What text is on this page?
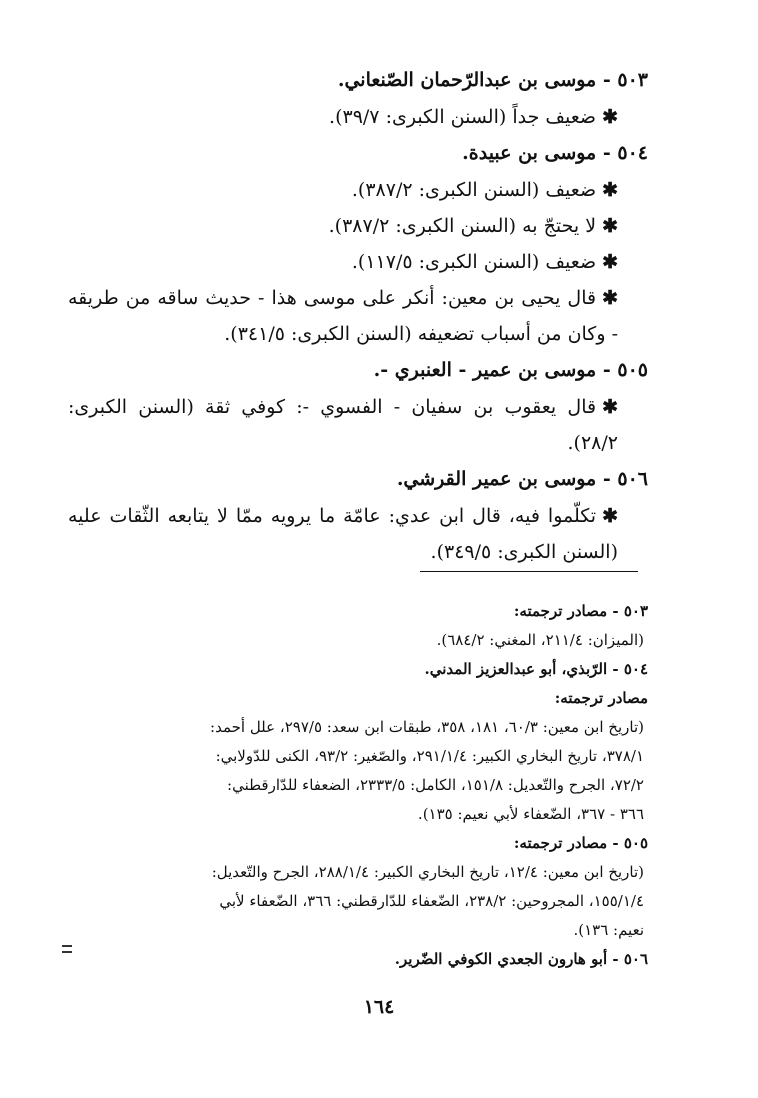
٥٠٣ - موسى بن عبدالرّحمان الصّنعاني.
✱ضعيف جداً (السنن الكبرى: ٣٩/٧).
٥٠٤ - موسى بن عبيدة.
✱ضعيف (السنن الكبرى: ٣٨٧/٢).
✱لا يحتجّ به (السنن الكبرى: ٣٨٧/٢).
✱ضعيف (السنن الكبرى: ١١٧/٥).
✱قال يحيى بن معين: أنكر على موسى هذا - حديث ساقه من طريقه - وكان من أسباب تضعيفه (السنن الكبرى: ٣٤١/٥).
٥٠٥ - موسى بن عمير - العنبري -.
✱قال يعقوب بن سفيان - الفسوي -: كوفي ثقة (السنن الكبرى: ٢٨/٢).
٥٠٦ - موسى بن عمير القرشي.
✱تكلّموا فيه، قال ابن عدي: عامّة ما يرويه ممّا لا يتابعه الثّقات عليه (السنن الكبرى: ٣٤٩/٥).
٥٠٣ - مصادر ترجمته:
(الميزان: ٢١١/٤، المغني: ٦٨٤/٢).
٥٠٤ - الرّبذي، أبو عبدالعزيز المدني.
مصادر ترجمته:
(تاريخ ابن معين: ٦٠/٣، ١٨١، ٣٥٨، طبقات ابن سعد: ٢٩٧/٥، علل أحمد:
٣٧٨/١، تاريخ البخاري الكبير: ٢٩١/١/٤، والصّغير: ٩٣/٢، الكنى للدّولابي:
٧٢/٢، الجرح والتّعديل: ١٥١/٨، الكامل: ٢٣٣٣/٥، الضعفاء للدّارقطني:
٣٦٦ - ٣٦٧، الضّعفاء لأبي نعيم: ١٣٥).
٥٠٥ - مصادر ترجمته:
(تاريخ ابن معين: ١٢/٤، تاريخ البخاري الكبير: ٢٨٨/١/٤، الجرح والتّعديل:
١٥٥/١/٤، المجروحين: ٢٣٨/٢، الضّعفاء للدّارقطني: ٣٦٦، الضّعفاء لأبي
نعيم: ١٣٦).
٥٠٦ - أبو هارون الجعدي الكوفي الضّرير.
١٦٤
